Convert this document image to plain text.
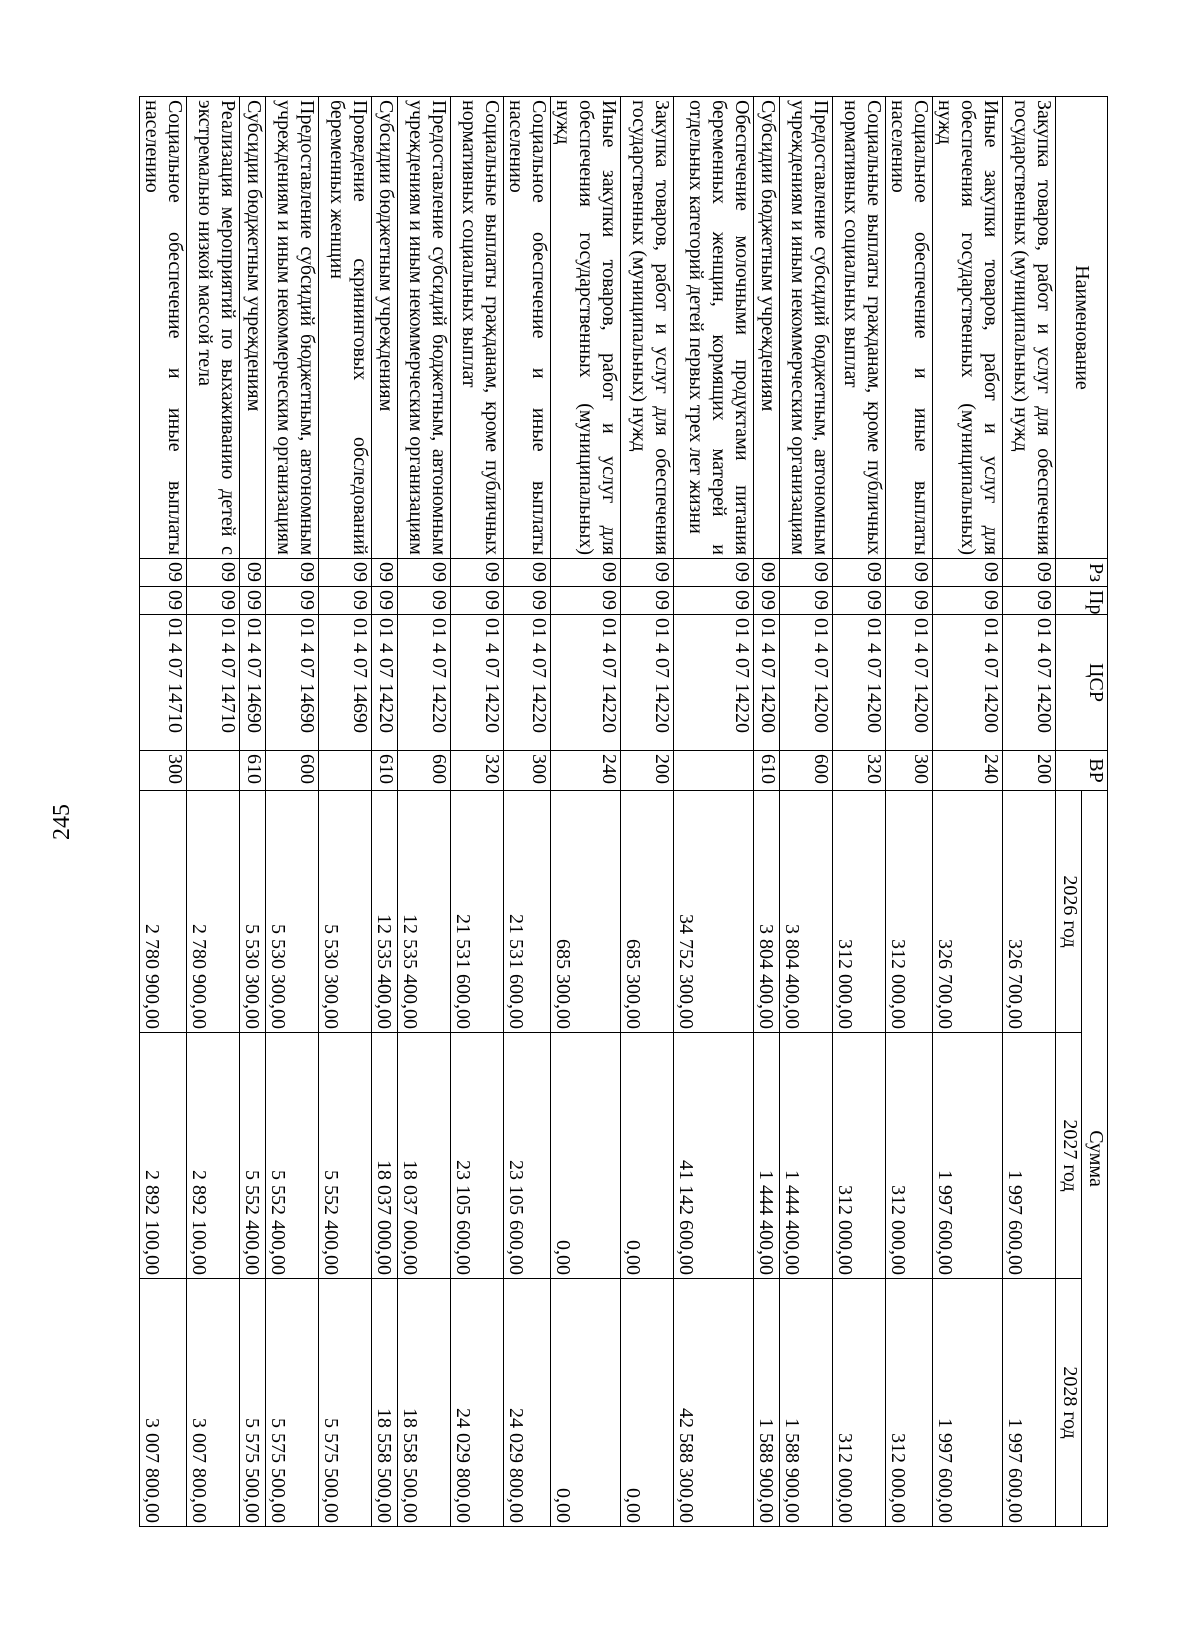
245
Наименование	Рз	Пр	ЦСР	ВР	Сумма		
					2026 год	2027 год	2028 год
Закупка товаров, работ и услуг для обеспечения государственных (муниципальных) нужд	09	09	01 4 07 14200	200	326 700,00	1 997 600,00	1 997 600,00
Иные закупки товаров, работ и услуг для обеспечения государственных (муниципальных) нужд	09	09	01 4 07 14200	240	326 700,00	1 997 600,00	1 997 600,00
Социальное обеспечение и иные выплаты населению	09	09	01 4 07 14200	300	312 000,00	312 000,00	312 000,00
Социальные выплаты гражданам, кроме публичных нормативных социальных выплат	09	09	01 4 07 14200	320	312 000,00	312 000,00	312 000,00
Предоставление субсидий бюджетным, автономным учреждениям и иным некоммерческим организациям	09	09	01 4 07 14200	600	3 804 400,00	1 444 400,00	1 588 900,00
Субсидии бюджетным учреждениям	09	09	01 4 07 14200	610	3 804 400,00	1 444 400,00	1 588 900,00
Обеспечение молочными продуктами питания беременных женщин, кормящих матерей и отдельных категорий детей первых трех лет жизни	09	09	01 4 07 14220		34 752 300,00	41 142 600,00	42 588 300,00
Закупка товаров, работ и услуг для обеспечения государственных (муниципальных) нужд	09	09	01 4 07 14220	200	685 300,00	0,00	0,00
Иные закупки товаров, работ и услуг для обеспечения государственных (муниципальных) нужд	09	09	01 4 07 14220	240	685 300,00	0,00	0,00
Социальное обеспечение и иные выплаты населению	09	09	01 4 07 14220	300	21 531 600,00	23 105 600,00	24 029 800,00
Социальные выплаты гражданам, кроме публичных нормативных социальных выплат	09	09	01 4 07 14220	320	21 531 600,00	23 105 600,00	24 029 800,00
Предоставление субсидий бюджетным, автономным учреждениям и иным некоммерческим организациям	09	09	01 4 07 14220	600	12 535 400,00	18 037 000,00	18 558 500,00
Субсидии бюджетным учреждениям	09	09	01 4 07 14220	610	12 535 400,00	18 037 000,00	18 558 500,00
Проведение скрининговых обследований беременных женщин	09	09	01 4 07 14690		5 530 300,00	5 552 400,00	5 575 500,00
Предоставление субсидий бюджетным, автономным учреждениям и иным некоммерческим организациям	09	09	01 4 07 14690	600	5 530 300,00	5 552 400,00	5 575 500,00
Субсидии бюджетным учреждениям	09	09	01 4 07 14690	610	5 530 300,00	5 552 400,00	5 575 500,00
Реализация мероприятий по выхаживанию детей с экстремально низкой массой тела	09	09	01 4 07 14710		2 780 900,00	2 892 100,00	3 007 800,00
Социальное обеспечение и иные выплаты населению	09	09	01 4 07 14710	300	2 780 900,00	2 892 100,00	3 007 800,00
